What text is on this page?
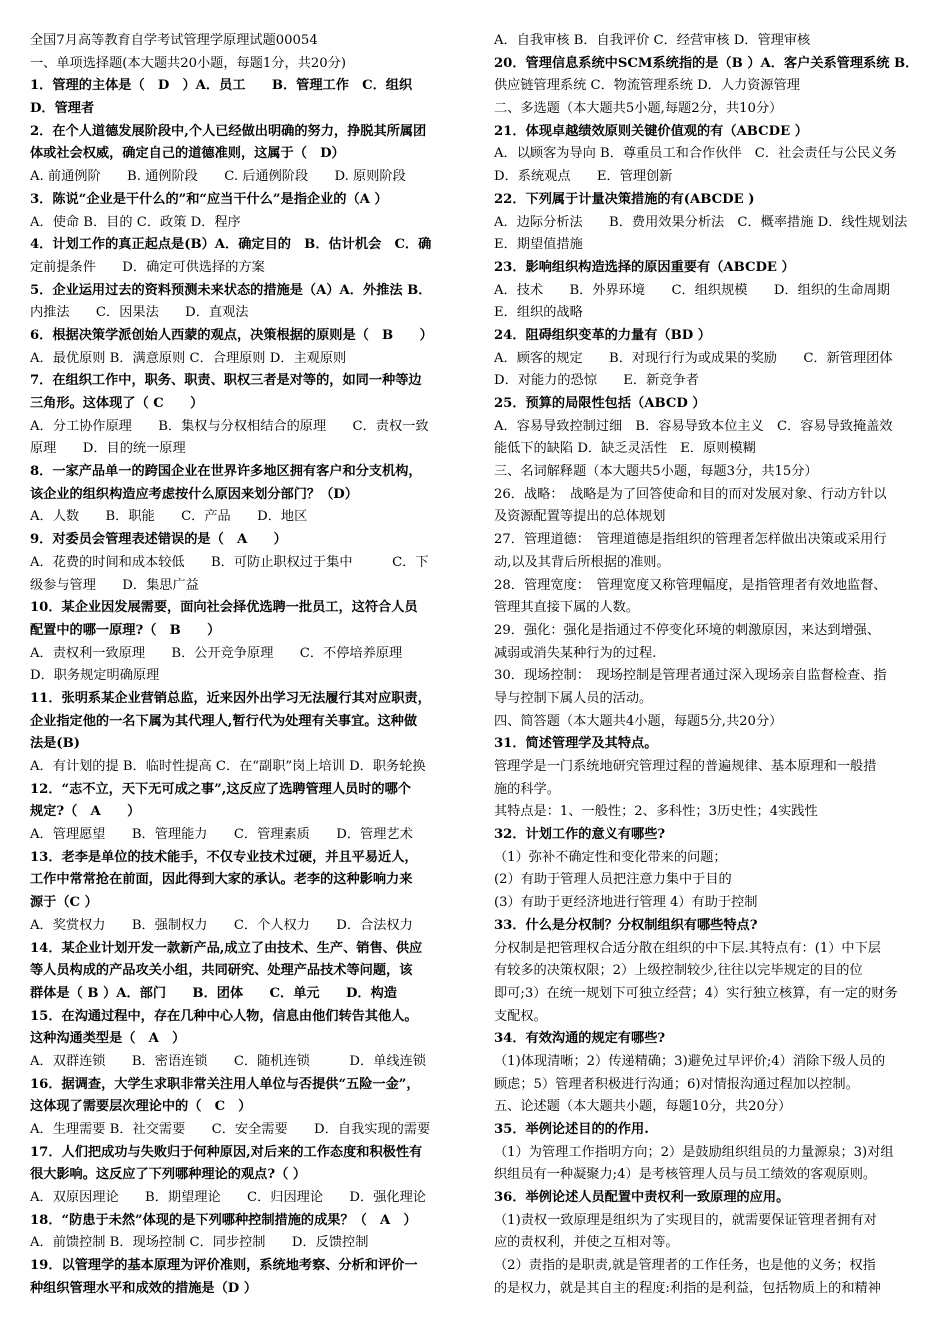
全国7月高等教育自学考试管理学原理试题00054
一、单项选择题(本大题共20小题，每题1分，共20分)
1．管理的主体是（　D　）A．员工　　B．管理工作　C．组织
D．管理者
2．在个人道德发展阶段中,个人已经做出明确的努力，挣脱其所属团
体或社会权威，确定自己的道德准则，这属于（　D）
A. 前通例阶　　B. 通例阶段　　C. 后通例阶段　　D. 原则阶段
3．陈说“企业是干什么的”和“应当干什么”是指企业的（A ）
A．使命 B．目的 C．政策 D．程序
4．计划工作的真正起点是(B）A．确定目的　B．估计机会　C．确
定前提条件　　D．确定可供选择的方案
5．企业运用过去的资料预测未来状态的措施是（A）A．外推法 B．
内推法　　C．因果法　　D．直观法
6．根据决策学派创始人西蒙的观点，决策根据的原则是（　B　　）
A．最优原则 B．满意原则 C．合理原则 D．主观原则
7．在组织工作中，职务、职责、职权三者是对等的，如同一种等边
三角形。这体现了（ C　　）
A．分工协作原理　　B．集权与分权相结合的原理　　C．责权一致
原理　　D．目的统一原理
8．一家产品单一的跨国企业在世界许多地区拥有客户和分支机构，
该企业的组织构造应考虑按什么原因来划分部门？（D）
A．人数　　B．职能　　C．产品　　D．地区
9．对委员会管理表述错误的是（　A　　）
A．花费的时间和成本较低　　B．可防止职权过于集中　　　C．下
级参与管理　　D．集思广益
10．某企业因发展需要，面向社会择优选聘一批员工，这符合人员
配置中的哪一原理?（　B　　）
A．责权利一致原理　　B．公开竞争原理　　C．不停培养原理
D．职务规定明确原理
11．张明系某企业营销总监，近来因外出学习无法履行其对应职责，
企业指定他的一名下属为其代理人,暂行代为处理有关事宜。这种做
法是(B)
A．有计划的提 B．临时性提高 C．在“副职”岗上培训 D．职务轮换
12．“志不立，天下无可成之事”,这反应了选聘管理人员时的哪个
规定?（　A　　）
A．管理愿望　　B．管理能力　　C．管理素质　　D．管理艺术
13．老李是单位的技术能手，不仅专业技术过硬，并且平易近人，
工作中常常抢在前面，因此得到大家的承认。老李的这种影响力来
源于（C ）
A．奖赏权力　　B．强制权力　　C．个人权力　　D．合法权力
14．某企业计划开发一款新产品,成立了由技术、生产、销售、供应
等人员构成的产品攻关小组，共同研究、处理产品技术等问题，该
群体是（ B ）A．部门　　B．团体　　C．单元　　D．构造
15．在沟通过程中，存在几种中心人物，信息由他们转告其他人。
这种沟通类型是（　A　）
A．双群连锁　　B．密语连锁　　C．随机连锁　　　D．单线连锁
16．据调查，大学生求职非常关注用人单位与否提供“五险一金”，
这体现了需要层次理论中的（　C　）
A．生理需要 B．社交需要　　C．安全需要　　D．自我实现的需要
17．人们把成功与失败归于何种原因,对后来的工作态度和积极性有
很大影响。这反应了下列哪种理论的观点?（ ）
A．双原因理论　　B．期望理论　　C．归因理论　　D．强化理论
18．“防患于未然”体现的是下列哪种控制措施的成果？（　A　）
A．前馈控制 B．现场控制 C．同步控制　　D．反馈控制
19．以管理学的基本原理为评价准则，系统地考察、分析和评价一
种组织管理水平和成效的措施是（D ）
A．自我审核 B．自我评价 C．经营审核 D．管理审核
20．管理信息系统中SCM系统指的是（B ）A．客户关系管理系统 B．
供应链管理系统 C．物流管理系统 D．人力资源管理
二、多选题（本大题共5小题,每题2分，共10分）
21．体现卓越绩效原则关键价值观的有（ABCDE ）
A．以顾客为导向 B．尊重员工和合作伙伴　C．社会责任与公民义务
D．系统观点　　E．管理创新
22．下列属于计量决策措施的有(ABCDE )
A．边际分析法　　B．费用效果分析法　C．概率措施 D．线性规划法
E．期望值措施
23．影响组织构造选择的原因重要有（ABCDE ）
A．技术　　B．外界环境　　C．组织规模　　D．组织的生命周期
E．组织的战略
24．阻碍组织变革的力量有（BD ）
A．顾客的规定　　B．对现行行为或成果的奖励　　C．新管理团体
D．对能力的恐惊　　E．新竞争者
25．预算的局限性包括（ABCD ）
A．容易导致控制过细　B．容易导致本位主义　C．容易导致掩盖效
能低下的缺陷 D．缺乏灵活性　E．原则模糊
三、名词解释题（本大题共5小题，每题3分，共15分）
26．战略：　战略是为了回答使命和目的而对发展对象、行动方针以
及资源配置等提出的总体规划
27．管理道德：　管理道德是指组织的管理者怎样做出决策或采用行
动,以及其背后所根据的准则。
28．管理宽度：　管理宽度又称管理幅度，是指管理者有效地监督、
管理其直接下属的人数。
29．强化：强化是指通过不停变化环境的刺激原因，来达到增强、
减弱或消失某种行为的过程.
30．现场控制：　现场控制是管理者通过深入现场亲自监督检查、指
导与控制下属人员的活动。
四、简答题（本大题共4小题，每题5分,共20分）
31．简述管理学及其特点。
管理学是一门系统地研究管理过程的普遍规律、基本原理和一般措
施的科学。
其特点是：1、一般性；2、多科性；3历史性；4实践性
32．计划工作的意义有哪些?
（1）弥补不确定性和变化带来的问题；
(2）有助于管理人员把注意力集中于目的
(3）有助于更经济地进行管理 4）有助于控制
33．什么是分权制？分权制组织有哪些特点?
分权制是把管理权合适分散在组织的中下层.其特点有：(1）中下层
有较多的决策权限；2）上级控制较少,往往以完毕规定的目的位
即可;3）在统一规划下可独立经营；4）实行独立核算，有一定的财务
支配权。
34．有效沟通的规定有哪些?
（1)体现清晰；2）传递精确；3)避免过早评价;4）消除下级人员的
顾虑；5）管理者积极进行沟通；6)对情报沟通过程加以控制。
五、论述题（本大题共小题，每题10分，共20分）
35．举例论述目的的作用.
（1）为管理工作指明方向；2）是鼓励组织组员的力量源泉；3)对组
织组员有一种凝聚力;4）是考核管理人员与员工绩效的客观原则。
36．举例论述人员配置中责权利一致原理的应用。
（1)责权一致原理是组织为了实现目的，就需要保证管理者拥有对
应的责权利，并使之互相对等。
（2）责指的是职责,就是管理者的工作任务，也是他的义务；权指
的是权力，就是其自主的程度:利指的是利益，包括物质上的和精神
